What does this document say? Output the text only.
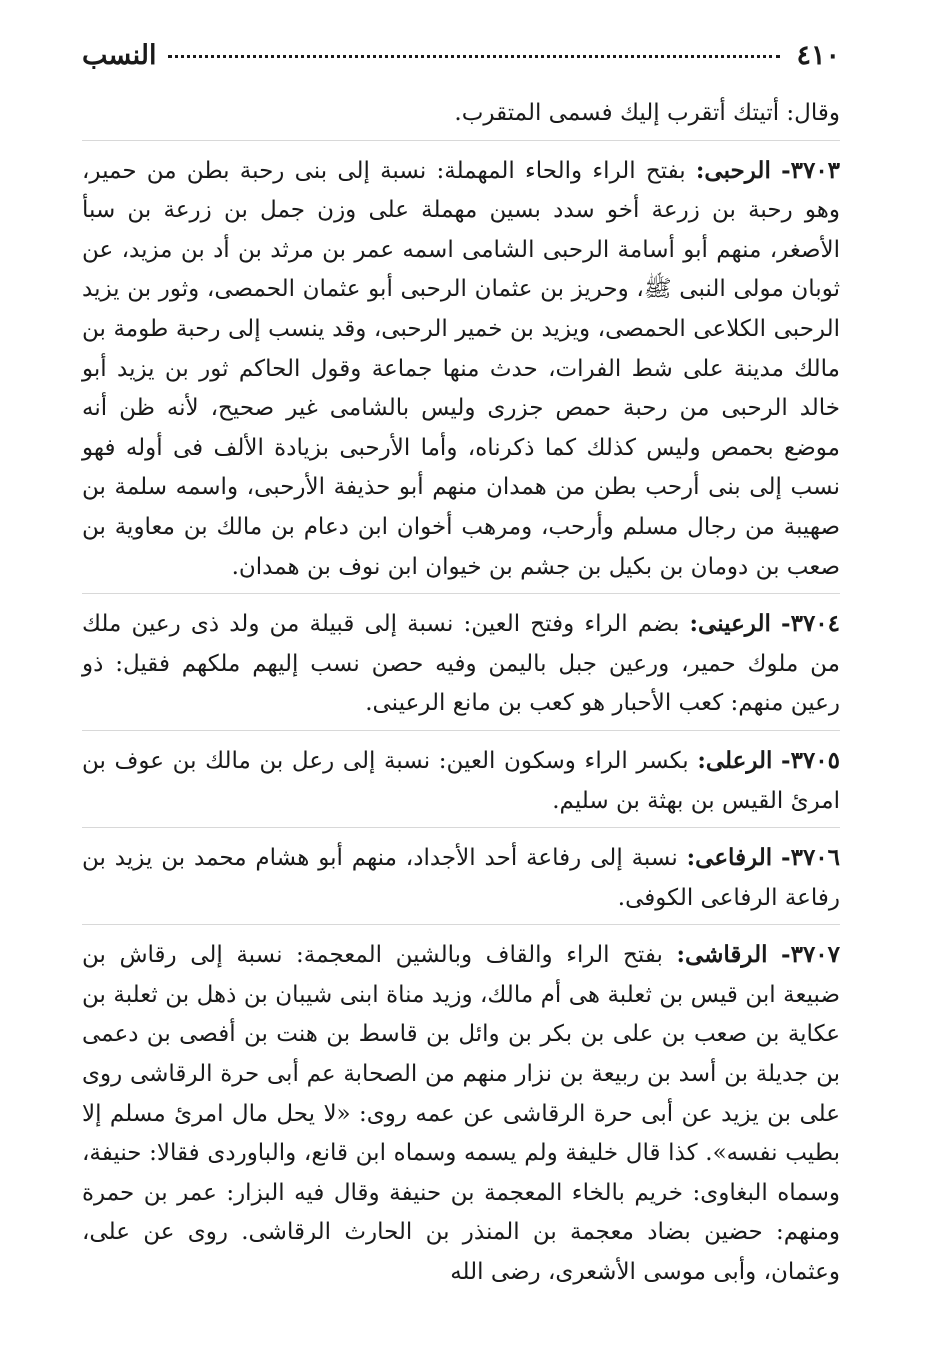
٤١٠
النسب

وقال: أتيتك أتقرب إليك فسمى المتقرب.

٣٧٠٣- الرحبى: بفتح الراء والحاء المهملة: نسبة إلى بنى رحبة بطن من حمير، وهو رحبة بن زرعة أخو سدد بسين مهملة على وزن جمل بن زرعة بن سبأ الأصغر، منهم أبو أسامة الرحبى الشامى اسمه عمر بن مرثد بن أد بن مزيد، عن ثوبان مولى النبى ﷺ، وحريز بن عثمان الرحبى أبو عثمان الحمصى، وثور بن يزيد الرحبى الكلاعى الحمصى، ويزيد بن خمير الرحبى، وقد ينسب إلى رحبة طومة بن مالك مدينة على شط الفرات، حدث منها جماعة وقول الحاكم ثور بن يزيد أبو خالد الرحبى من رحبة حمص جزرى وليس بالشامى غير صحيح، لأنه ظن أنه موضع بحمص وليس كذلك كما ذكرناه، وأما الأرحبى بزيادة الألف فى أوله فهو نسب إلى بنى أرحب بطن من همدان منهم أبو حذيفة الأرحبى، واسمه سلمة بن صهيبة من رجال مسلم وأرحب، ومرهب أخوان ابن دعام بن مالك بن معاوية بن صعب بن دومان بن بكيل بن جشم بن خيوان ابن نوف بن همدان.

٣٧٠٤- الرعينى: بضم الراء وفتح العين: نسبة إلى قبيلة من ولد ذى رعين ملك من ملوك حمير، ورعين جبل باليمن وفيه حصن نسب إليهم ملكهم فقيل: ذو رعين منهم: كعب الأحبار هو كعب بن مانع الرعينى.

٣٧٠٥- الرعلى: بكسر الراء وسكون العين: نسبة إلى رعل بن مالك بن عوف بن امرئ القيس بن بهثة بن سليم.

٣٧٠٦- الرفاعى: نسبة إلى رفاعة أحد الأجداد، منهم أبو هشام محمد بن يزيد بن رفاعة الرفاعى الكوفى.

٣٧٠٧- الرقاشى: بفتح الراء والقاف وبالشين المعجمة: نسبة إلى رقاش بن ضبيعة ابن قيس بن ثعلبة هى أم مالك، وزيد مناة ابنى شيبان بن ذهل بن ثعلبة بن عكاية بن صعب بن على بن بكر بن وائل بن قاسط بن هنت بن أفصى بن دعمى بن جديلة بن أسد بن ربيعة بن نزار منهم من الصحابة عم أبى حرة الرقاشى روى على بن يزيد عن أبى حرة الرقاشى عن عمه روى: «لا يحل مال امرئ مسلم إلا بطيب نفسه». كذا قال خليفة ولم يسمه وسماه ابن قانع، والباوردى فقالا: حنيفة، وسماه البغاوى: خريم بالخاء المعجمة بن حنيفة وقال فيه البزار: عمر بن حمرة ومنهم: حضين بضاد معجمة بن المنذر بن الحارث الرقاشى. روى عن على، وعثمان، وأبى موسى الأشعرى، رضى الله
